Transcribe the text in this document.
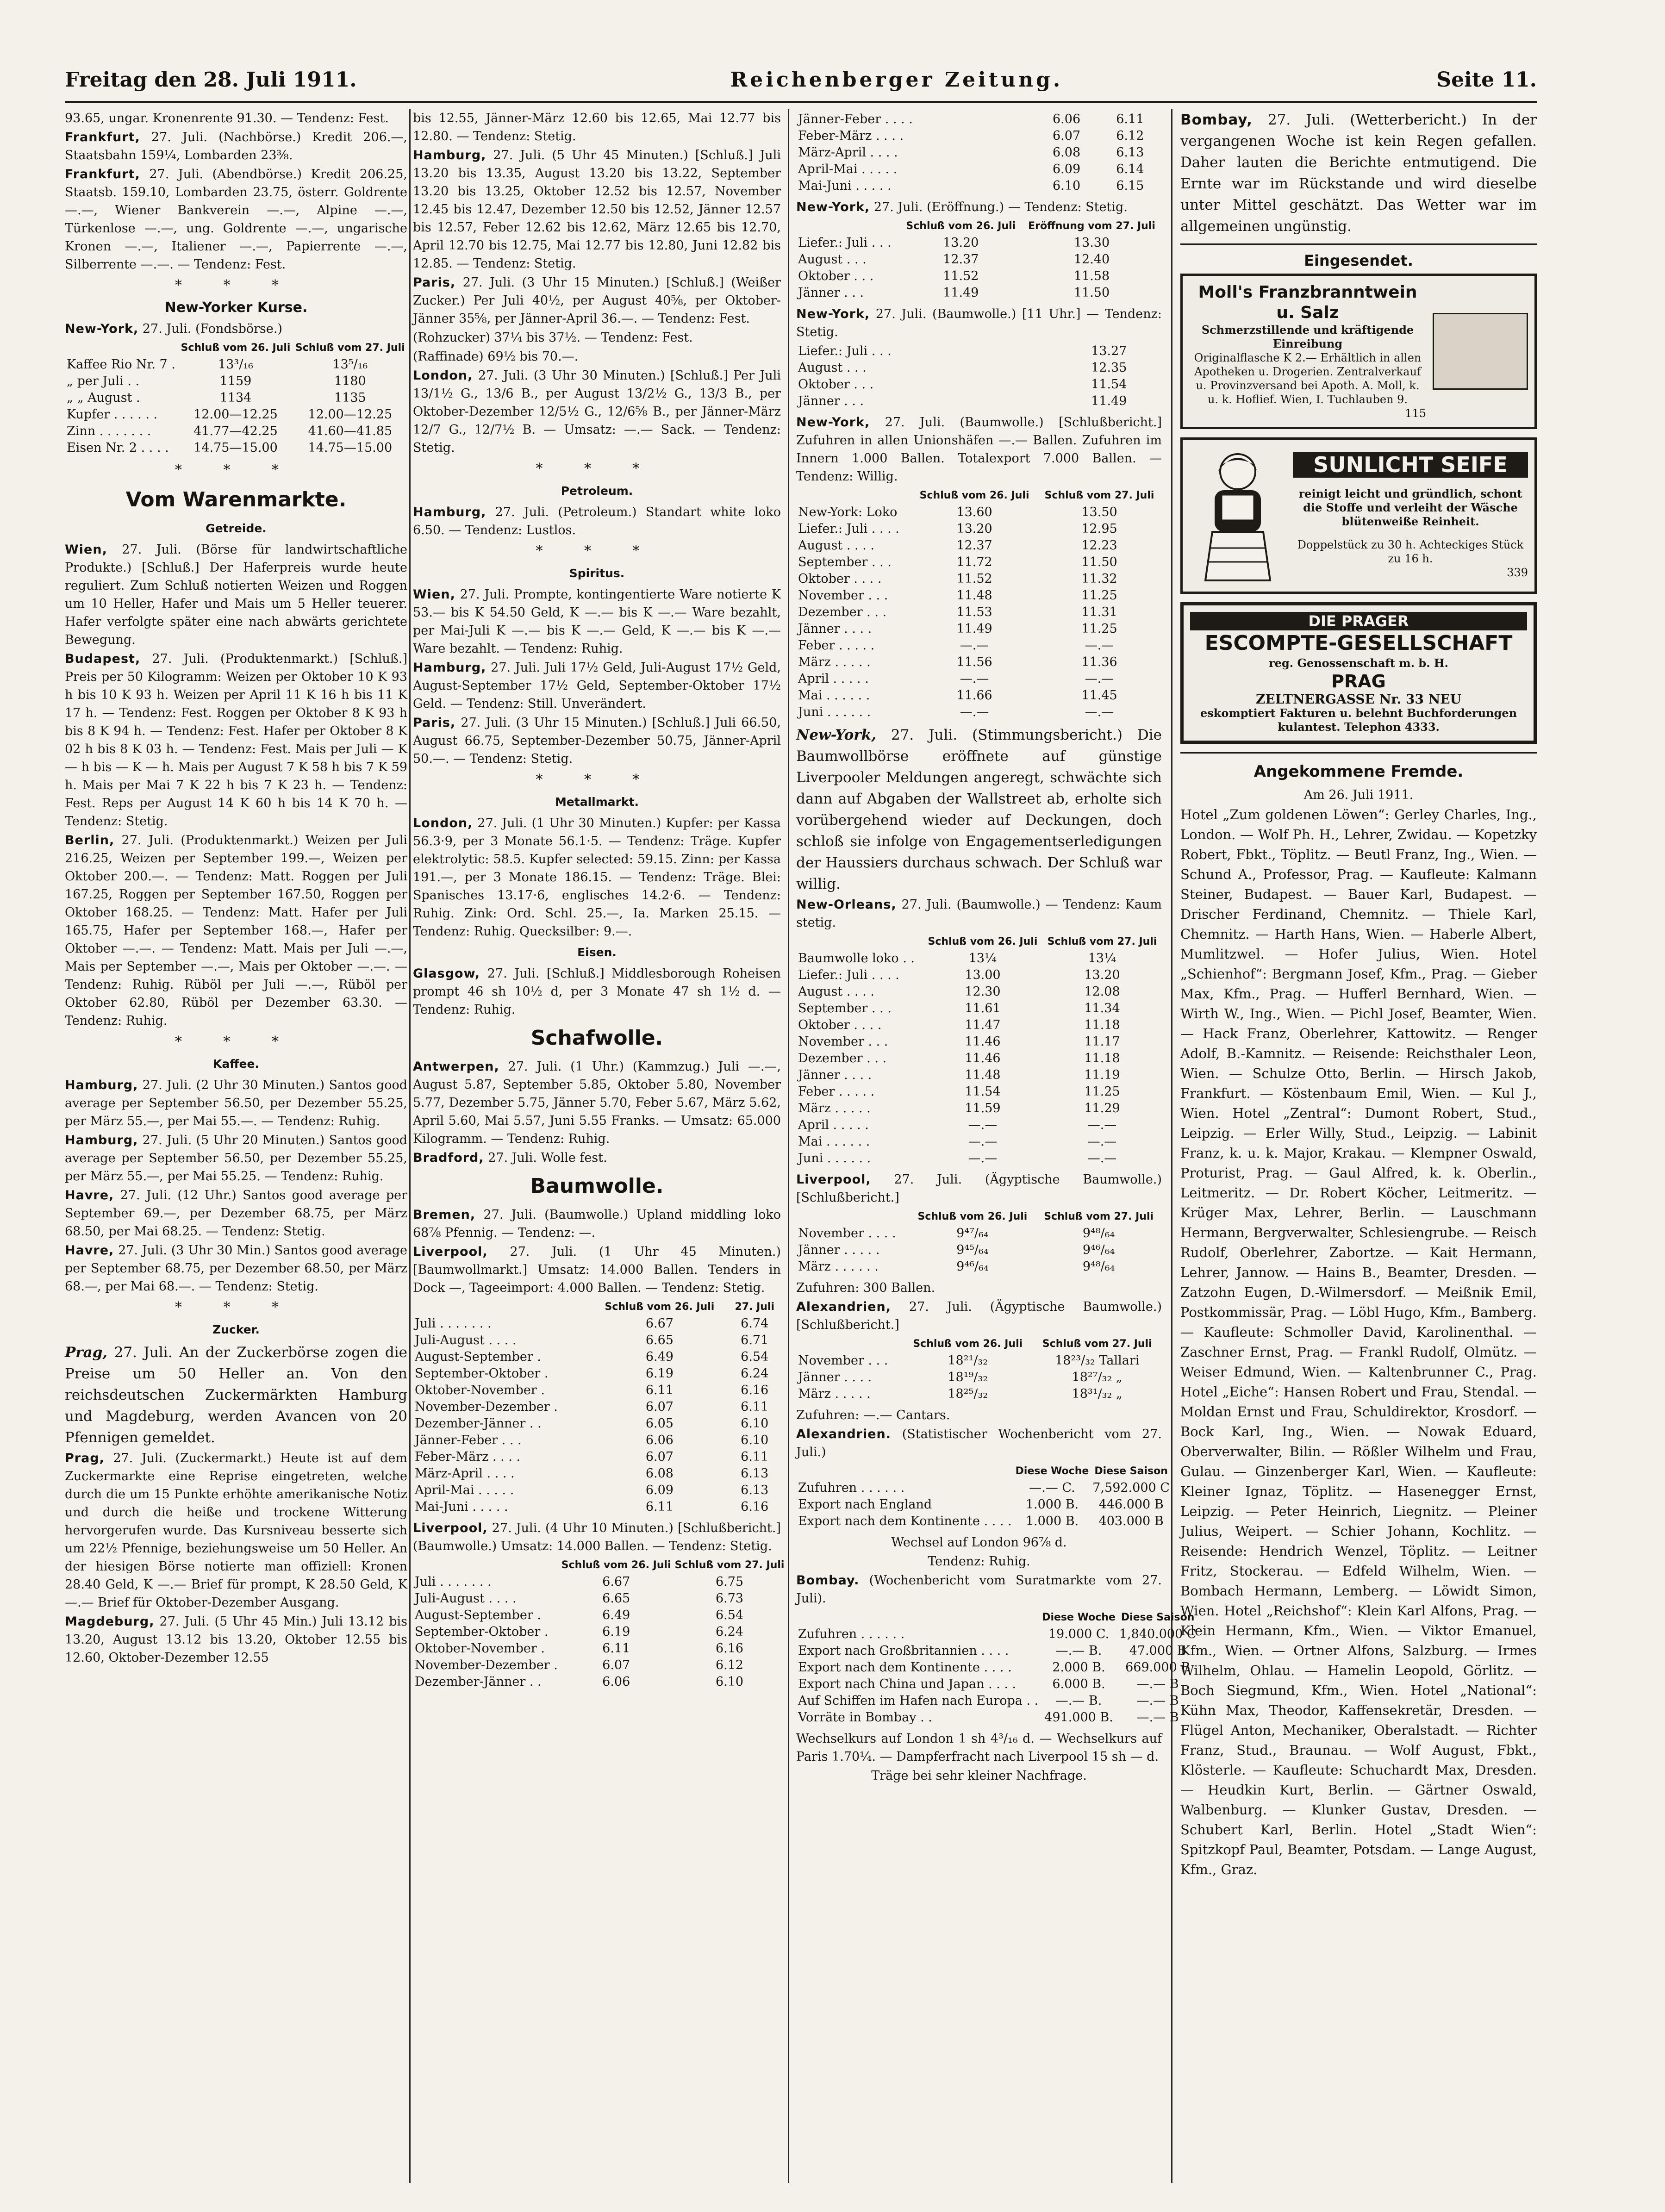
Freitag den 28. Juli 1911.	Reichenberger Zeitung.	Seite 11.

93.65, ungar. Kronenrente 91.30. — Tendenz: Fest.

Frankfurt, 27. Juli. (Nachbörse.) Kredit 206.—, Staatsbahn 159¼, Lombarden 23⅜.

Frankfurt, 27. Juli. (Abendbörse.) Kredit 206.25, Staatsb. 159.10, Lombarden 23.75, österr. Goldrente —.—, Wiener Bankverein —.—, Alpine —.—, Türkenlose —.—, ung. Goldrente —.—, ungarische Kronen —.—, Italiener —.—, Papierrente —.—, Silberrente —.—. — Tendenz: Fest.

* * *
New-Yorker Kurse.

New-York, 27. Juli. (Fondsbörse.)

	Schluß vom 26. Juli	Schluß vom 27. Juli
Kaffee Rio Nr. 7 .	13³/₁₆	13⁵/₁₆
„ per Juli . .	1159	1180
„ „ August .	1134	1135
Kupfer . . . . . .	12.00—12.25	12.00—12.25
Zinn . . . . . . .	41.77—42.25	41.60—41.85
Eisen Nr. 2 . . . .	14.75—15.00	14.75—15.00
* * *
Vom Warenmarkte.
Getreide.

Wien, 27. Juli. (Börse für landwirtschaftliche Produkte.) [Schluß.] Der Haferpreis wurde heute reguliert. Zum Schluß notierten Weizen und Roggen um 10 Heller, Hafer und Mais um 5 Heller teuerer. Hafer verfolgte später eine nach abwärts gerichtete Bewegung.

Budapest, 27. Juli. (Produktenmarkt.) [Schluß.] Preis per 50 Kilogramm: Weizen per Oktober 10 K 93 h bis 10 K 93 h. Weizen per April 11 K 16 h bis 11 K 17 h. — Tendenz: Fest. Roggen per Oktober 8 K 93 h bis 8 K 94 h. — Tendenz: Fest. Hafer per Oktober 8 K 02 h bis 8 K 03 h. — Tendenz: Fest. Mais per Juli — K — h bis — K — h. Mais per August 7 K 58 h bis 7 K 59 h. Mais per Mai 7 K 22 h bis 7 K 23 h. — Tendenz: Fest. Reps per August 14 K 60 h bis 14 K 70 h. — Tendenz: Stetig.

Berlin, 27. Juli. (Produktenmarkt.) Weizen per Juli 216.25, Weizen per September 199.—, Weizen per Oktober 200.—. — Tendenz: Matt. Roggen per Juli 167.25, Roggen per September 167.50, Roggen per Oktober 168.25. — Tendenz: Matt. Hafer per Juli 165.75, Hafer per September 168.—, Hafer per Oktober —.—. — Tendenz: Matt. Mais per Juli —.—, Mais per September —.—, Mais per Oktober —.—. — Tendenz: Ruhig. Rüböl per Juli —.—, Rüböl per Oktober 62.80, Rüböl per Dezember 63.30. — Tendenz: Ruhig.

* * *
Kaffee.

Hamburg, 27. Juli. (2 Uhr 30 Minuten.) Santos good average per September 56.50, per Dezember 55.25, per März 55.—, per Mai 55.—. — Tendenz: Ruhig.

Hamburg, 27. Juli. (5 Uhr 20 Minuten.) Santos good average per September 56.50, per Dezember 55.25, per März 55.—, per Mai 55.25. — Tendenz: Ruhig.

Havre, 27. Juli. (12 Uhr.) Santos good average per September 69.—, per Dezember 68.75, per März 68.50, per Mai 68.25. — Tendenz: Stetig.

Havre, 27. Juli. (3 Uhr 30 Min.) Santos good average per September 68.75, per Dezember 68.50, per März 68.—, per Mai 68.—. — Tendenz: Stetig.

* * *
Zucker.

Prag, 27. Juli. An der Zuckerbörse zogen die Preise um 50 Heller an. Von den reichsdeutschen Zuckermärkten Hamburg und Magdeburg, werden Avancen von 20 Pfennigen gemeldet.

Prag, 27. Juli. (Zuckermarkt.) Heute ist auf dem Zuckermarkte eine Reprise eingetreten, welche durch die um 15 Punkte erhöhte amerikanische Notiz und durch die heiße und trockene Witterung hervorgerufen wurde. Das Kursniveau besserte sich um 22½ Pfennige, beziehungsweise um 50 Heller. An der hiesigen Börse notierte man offiziell: Kronen 28.40 Geld, K —.— Brief für prompt, K 28.50 Geld, K —.— Brief für Oktober-Dezember Ausgang.

Magdeburg, 27. Juli. (5 Uhr 45 Min.) Juli 13.12 bis 13.20, August 13.12 bis 13.20, Oktober 12.55 bis 12.60, Oktober-Dezember 12.55

bis 12.55, Jänner-März 12.60 bis 12.65, Mai 12.77 bis 12.80. — Tendenz: Stetig.

Hamburg, 27. Juli. (5 Uhr 45 Minuten.) [Schluß.] Juli 13.20 bis 13.35, August 13.20 bis 13.22, September 13.20 bis 13.25, Oktober 12.52 bis 12.57, November 12.45 bis 12.47, Dezember 12.50 bis 12.52, Jänner 12.57 bis 12.57, Feber 12.62 bis 12.62, März 12.65 bis 12.70, April 12.70 bis 12.75, Mai 12.77 bis 12.80, Juni 12.82 bis 12.85. — Tendenz: Stetig.

Paris, 27. Juli. (3 Uhr 15 Minuten.) [Schluß.] (Weißer Zucker.) Per Juli 40½, per August 40⅝, per Oktober-Jänner 35⅝, per Jänner-April 36.—. — Tendenz: Fest.

(Rohzucker) 37¼ bis 37½. — Tendenz: Fest.

(Raffinade) 69½ bis 70.—.

London, 27. Juli. (3 Uhr 30 Minuten.) [Schluß.] Per Juli 13/1½ G., 13/6 B., per August 13/2½ G., 13/3 B., per Oktober-Dezember 12/5½ G., 12/6⅝ B., per Jänner-März 12/7 G., 12/7½ B. — Umsatz: —.— Sack. — Tendenz: Stetig.

* * *
Petroleum.

Hamburg, 27. Juli. (Petroleum.) Standart white loko 6.50. — Tendenz: Lustlos.

* * *
Spiritus.

Wien, 27. Juli. Prompte, kontingentierte Ware notierte K 53.— bis K 54.50 Geld, K —.— bis K —.— Ware bezahlt, per Mai-Juli K —.— bis K —.— Geld, K —.— bis K —.— Ware bezahlt. — Tendenz: Ruhig.

Hamburg, 27. Juli. Juli 17½ Geld, Juli-August 17½ Geld, August-September 17½ Geld, September-Oktober 17½ Geld. — Tendenz: Still. Unverändert.

Paris, 27. Juli. (3 Uhr 15 Minuten.) [Schluß.] Juli 66.50, August 66.75, September-Dezember 50.75, Jänner-April 50.—. — Tendenz: Stetig.

* * *
Metallmarkt.

London, 27. Juli. (1 Uhr 30 Minuten.) Kupfer: per Kassa 56.3·9, per 3 Monate 56.1·5. — Tendenz: Träge. Kupfer elektrolytic: 58.5. Kupfer selected: 59.15. Zinn: per Kassa 191.—, per 3 Monate 186.15. — Tendenz: Träge. Blei: Spanisches 13.17·6, englisches 14.2·6. — Tendenz: Ruhig. Zink: Ord. Schl. 25.—, Ia. Marken 25.15. — Tendenz: Ruhig. Quecksilber: 9.—.

Eisen.

Glasgow, 27. Juli. [Schluß.] Middlesborough Roheisen prompt 46 sh 10½ d, per 3 Monate 47 sh 1½ d. — Tendenz: Ruhig.

Schafwolle.

Antwerpen, 27. Juli. (1 Uhr.) (Kammzug.) Juli —.—, August 5.87, September 5.85, Oktober 5.80, November 5.77, Dezember 5.75, Jänner 5.70, Feber 5.67, März 5.62, April 5.60, Mai 5.57, Juni 5.55 Franks. — Umsatz: 65.000 Kilogramm. — Tendenz: Ruhig.

Bradford, 27. Juli. Wolle fest.

Baumwolle.

Bremen, 27. Juli. (Baumwolle.) Upland middling loko 68⅞ Pfennig. — Tendenz: —.

Liverpool, 27. Juli. (1 Uhr 45 Minuten.) [Baumwollmarkt.] Umsatz: 14.000 Ballen. Tenders in Dock —, Tageeimport: 4.000 Ballen. — Tendenz: Stetig.

	Schluß vom 26. Juli	27. Juli
Juli . . . . . . .	6.67	6.74
Juli-August . . . .	6.65	6.71
August-September .	6.49	6.54
September-Oktober .	6.19	6.24
Oktober-November .	6.11	6.16
November-Dezember .	6.07	6.11
Dezember-Jänner . .	6.05	6.10
Jänner-Feber . . .	6.06	6.10
Feber-März . . . .	6.07	6.11
März-April . . . .	6.08	6.13
April-Mai . . . . .	6.09	6.13
Mai-Juni . . . . .	6.11	6.16

Liverpool, 27. Juli. (4 Uhr 10 Minuten.) [Schlußbericht.] (Baumwolle.) Umsatz: 14.000 Ballen. — Tendenz: Stetig.

	Schluß vom 26. Juli	Schluß vom 27. Juli
Juli . . . . . . .	6.67	6.75
Juli-August . . . .	6.65	6.73
August-September .	6.49	6.54
September-Oktober .	6.19	6.24
Oktober-November .	6.11	6.16
November-Dezember .	6.07	6.12
Dezember-Jänner . .	6.06	6.10
Jänner-Feber . . . .	6.06	6.11
Feber-März . . . .	6.07	6.12
März-April . . . .	6.08	6.13
April-Mai . . . . .	6.09	6.14
Mai-Juni . . . . .	6.10	6.15

New-York, 27. Juli. (Eröffnung.) — Tendenz: Stetig.

	Schluß vom 26. Juli	Eröffnung vom 27. Juli
Liefer.: Juli . . .	13.20	13.30
August . . .	12.37	12.40
Oktober . . .	11.52	11.58
Jänner . . .	11.49	11.50

New-York, 27. Juli. (Baumwolle.) [11 Uhr.] — Tendenz: Stetig.

Liefer.: Juli . . .	13.27
August . . .	12.35
Oktober . . .	11.54
Jänner . . .	11.49

New-York, 27. Juli. (Baumwolle.) [Schlußbericht.] Zufuhren in allen Unionshäfen —.— Ballen. Zufuhren im Innern 1.000 Ballen. Totalexport 7.000 Ballen. — Tendenz: Willig.

	Schluß vom 26. Juli	Schluß vom 27. Juli
New-York: Loko	13.60	13.50
Liefer.: Juli . . . .	13.20	12.95
August . . . .	12.37	12.23
September . . .	11.72	11.50
Oktober . . . .	11.52	11.32
November . . .	11.48	11.25
Dezember . . .	11.53	11.31
Jänner . . . .	11.49	11.25
Feber . . . . .	—.—	—.—
März . . . . .	11.56	11.36
April . . . . .	—.—	—.—
Mai . . . . . .	11.66	11.45
Juni . . . . . .	—.—	—.—

New-York, 27. Juli. (Stimmungsbericht.) Die Baumwollbörse eröffnete auf günstige Liverpooler Meldungen angeregt, schwächte sich dann auf Abgaben der Wallstreet ab, erholte sich vorübergehend wieder auf Deckungen, doch schloß sie infolge von Engagementserledigungen der Haussiers durchaus schwach. Der Schluß war willig.

New-Orleans, 27. Juli. (Baumwolle.) — Tendenz: Kaum stetig.

	Schluß vom 26. Juli	Schluß vom 27. Juli
Baumwolle loko . .	13¼	13¼
Liefer.: Juli . . . .	13.00	13.20
August . . . .	12.30	12.08
September . . .	11.61	11.34
Oktober . . . .	11.47	11.18
November . . .	11.46	11.17
Dezember . . .	11.46	11.18
Jänner . . . .	11.48	11.19
Feber . . . . .	11.54	11.25
März . . . . .	11.59	11.29
April . . . . .	—.—	—.—
Mai . . . . . .	—.—	—.—
Juni . . . . . .	—.—	—.—

Liverpool, 27. Juli. (Ägyptische Baumwolle.) [Schlußbericht.]

	Schluß vom 26. Juli	Schluß vom 27. Juli
November . . . .	9⁴⁷/₆₄	9⁴⁸/₆₄
Jänner . . . . .	9⁴⁵/₆₄	9⁴⁶/₆₄
März . . . . . .	9⁴⁶/₆₄	9⁴⁸/₆₄

Zufuhren: 300 Ballen.

Alexandrien, 27. Juli. (Ägyptische Baumwolle.) [Schlußbericht.]

	Schluß vom 26. Juli	Schluß vom 27. Juli
November . . .	18²¹/₃₂	18²³/₃₂ Tallari
Jänner . . . .	18¹⁹/₃₂	18²⁷/₃₂ „
März . . . . .	18²⁵/₃₂	18³¹/₃₂ „

Zufuhren: —.— Cantars.

Alexandrien. (Statistischer Wochenbericht vom 27. Juli.)

	Diese Woche	Diese Saison
Zufuhren . . . . . .	—.— C.	7,592.000 C
Export nach England	1.000 B.	446.000 B
Export nach dem Kontinente . . . .	1.000 B.	403.000 B

Wechsel auf London 96⅞ d.

Tendenz: Ruhig.

Bombay. (Wochenbericht vom Suratmarkte vom 27. Juli).

	Diese Woche	Diese Saison
Zufuhren . . . . . .	19.000 C.	1,840.000 C
Export nach Großbritannien . . . .	—.— B.	47.000 B
Export nach dem Kontinente . . . .	2.000 B.	669.000 B
Export nach China und Japan . . . .	6.000 B.	—.— B
Auf Schiffen im Hafen nach Europa . .	—.— B.	—.— B
Vorräte in Bombay . .	491.000 B.	—.— B

Wechselkurs auf London 1 sh 4³/₁₆ d. — Wechselkurs auf Paris 1.70¼. — Dampferfracht nach Liverpool 15 sh — d.

Träge bei sehr kleiner Nachfrage.

Bombay, 27. Juli. (Wetterbericht.) In der vergangenen Woche ist kein Regen gefallen. Daher lauten die Berichte entmutigend. Die Ernte war im Rückstande und wird dieselbe unter Mittel geschätzt. Das Wetter war im allgemeinen ungünstig.

Eingesendet.
Moll's Franzbranntwein u. Salz
Schmerzstillende und kräftigende Einreibung
Originalflasche K 2.— Erhältlich in allen Apotheken u. Drogerien. Zentralverkauf u. Provinzversand bei Apoth. A. Moll, k. u. k. Hoflief. Wien, I. Tuchlauben 9.
115
SUNLICHT SEIFE
reinigt leicht und gründlich, schont die Stoffe und verleiht der Wäsche blütenweiße Reinheit.
Doppelstück zu 30 h. Achteckiges Stück zu 16 h.
339
DIE PRAGER
ESCOMPTE-GESELLSCHAFT
reg. Genossenschaft m. b. H.
PRAG
ZELTNERGASSE Nr. 33 NEU
eskomptiert Fakturen u. belehnt Buchforderungen kulantest. Telephon 4333.
Angekommene Fremde.

Am 26. Juli 1911.

Hotel „Zum goldenen Löwen“: Gerley Charles, Ing., London. — Wolf Ph. H., Lehrer, Zwidau. — Kopetzky Robert, Fbkt., Töplitz. — Beutl Franz, Ing., Wien. — Schund A., Professor, Prag. — Kaufleute: Kalmann Steiner, Budapest. — Bauer Karl, Budapest. — Drischer Ferdinand, Chemnitz. — Thiele Karl, Chemnitz. — Harth Hans, Wien. — Haberle Albert, Mumlitzwel. — Hofer Julius, Wien. Hotel „Schienhof“: Bergmann Josef, Kfm., Prag. — Gieber Max, Kfm., Prag. — Hufferl Bernhard, Wien. — Wirth W., Ing., Wien. — Pichl Josef, Beamter, Wien. — Hack Franz, Oberlehrer, Kattowitz. — Renger Adolf, B.-Kamnitz. — Reisende: Reichsthaler Leon, Wien. — Schulze Otto, Berlin. — Hirsch Jakob, Frankfurt. — Köstenbaum Emil, Wien. — Kul J., Wien. Hotel „Zentral“: Dumont Robert, Stud., Leipzig. — Erler Willy, Stud., Leipzig. — Labinit Franz, k. u. k. Major, Krakau. — Klempner Oswald, Proturist, Prag. — Gaul Alfred, k. k. Oberlin., Leitmeritz. — Dr. Robert Köcher, Leitmeritz. — Krüger Max, Lehrer, Berlin. — Lauschmann Hermann, Bergverwalter, Schlesiengrube. — Reisch Rudolf, Oberlehrer, Zabortze. — Kait Hermann, Lehrer, Jannow. — Hains B., Beamter, Dresden. — Zatzohn Eugen, D.-Wilmersdorf. — Meißnik Emil, Postkommissär, Prag. — Löbl Hugo, Kfm., Bamberg. — Kaufleute: Schmoller David, Karolinenthal. — Zaschner Ernst, Prag. — Frankl Rudolf, Olmütz. — Weiser Edmund, Wien. — Kaltenbrunner C., Prag. Hotel „Eiche“: Hansen Robert und Frau, Stendal. — Moldan Ernst und Frau, Schuldirektor, Krosdorf. — Bock Karl, Ing., Wien. — Nowak Eduard, Oberverwalter, Bilin. — Rößler Wilhelm und Frau, Gulau. — Ginzenberger Karl, Wien. — Kaufleute: Kleiner Ignaz, Töplitz. — Hasenegger Ernst, Leipzig. — Peter Heinrich, Liegnitz. — Pleiner Julius, Weipert. — Schier Johann, Kochlitz. — Reisende: Hendrich Wenzel, Töplitz. — Leitner Fritz, Stockerau. — Edfeld Wilhelm, Wien. — Bombach Hermann, Lemberg. — Löwidt Simon, Wien. Hotel „Reichshof“: Klein Karl Alfons, Prag. — Klein Hermann, Kfm., Wien. — Viktor Emanuel, Kfm., Wien. — Ortner Alfons, Salzburg. — Irmes Wilhelm, Ohlau. — Hamelin Leopold, Görlitz. — Boch Siegmund, Kfm., Wien. Hotel „National“: Kühn Max, Theodor, Kaffensekretär, Dresden. — Flügel Anton, Mechaniker, Oberalstadt. — Richter Franz, Stud., Braunau. — Wolf August, Fbkt., Klösterle. — Kaufleute: Schuchardt Max, Dresden. — Heudkin Kurt, Berlin. — Gärtner Oswald, Walbenburg. — Klunker Gustav, Dresden. — Schubert Karl, Berlin. Hotel „Stadt Wien“: Spitzkopf Paul, Beamter, Potsdam. — Lange August, Kfm., Graz.
